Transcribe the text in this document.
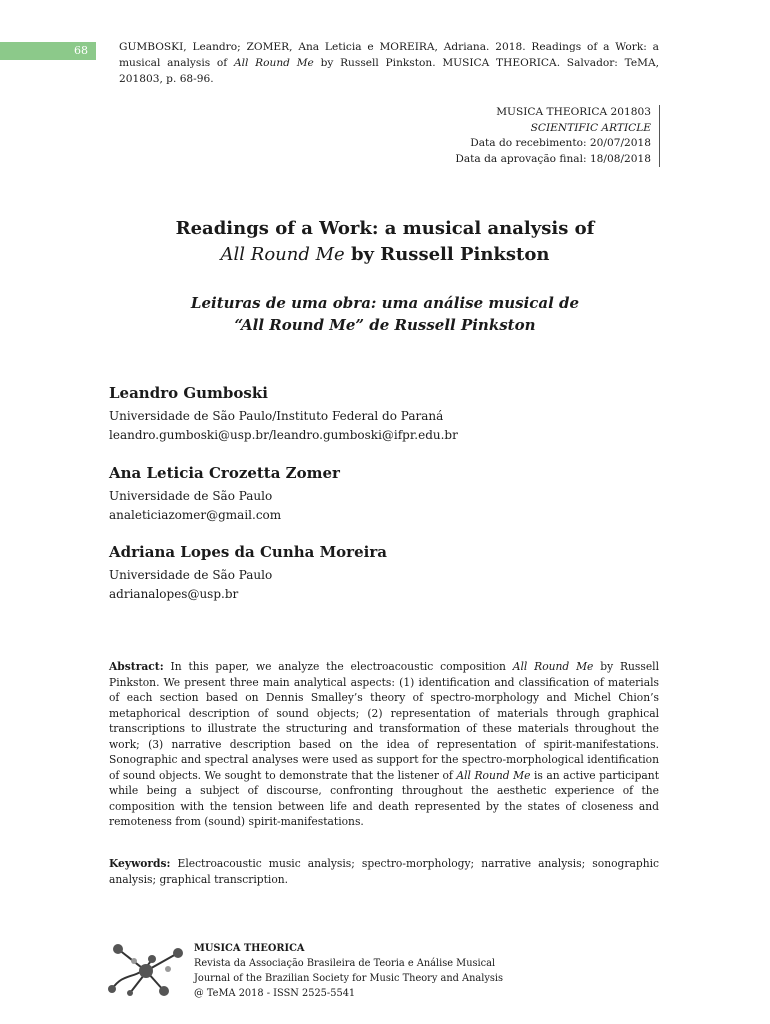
68	GUMBOSKI, Leandro; ZOMER, Ana Leticia e MOREIRA, Adriana. 2018. Readings of a Work: a musical analysis of All Round Me by Russell Pinkston. MUSICA THEORICA. Salvador: TeMA, 201803, p. 68-96.
MUSICA THEORICA 201803
SCIENTIFIC ARTICLE
Data do recebimento: 20/07/2018
Data da aprovação final: 18/08/2018
Readings of a Work: a musical analysis of
All Round Me by Russell Pinkston
Leituras de uma obra: uma análise musical de
“All Round Me” de Russell Pinkston
Leandro Gumboski
Universidade de São Paulo/Instituto Federal do Paraná
leandro.gumboski@usp.br/leandro.gumboski@ifpr.edu.br
Ana Leticia Crozetta Zomer
Universidade de São Paulo
analeticiazomer@gmail.com
Adriana Lopes da Cunha Moreira
Universidade de São Paulo
adrianalopes@usp.br
Abstract: In this paper, we analyze the electroacoustic composition All Round Me by Russell Pinkston. We present three main analytical aspects: (1) identification and classification of materials of each section based on Dennis Smalley’s theory of spectro-morphology and Michel Chion’s metaphorical description of sound objects; (2) representation of materials through graphical transcriptions to illustrate the structuring and transformation of these materials throughout the work; (3) narrative description based on the idea of representation of spirit-manifestations. Sonographic and spectral analyses were used as support for the spectro-morphological identification of sound objects. We sought to demonstrate that the listener of All Round Me is an active participant while being a subject of discourse, confronting throughout the aesthetic experience of the composition with the tension between life and death represented by the states of closeness and remoteness from (sound) spirit-manifestations.
Keywords: Electroacoustic music analysis; spectro-morphology; narrative analysis; sonographic analysis; graphical transcription.
MUSICA THEORICA
Revista da Associação Brasileira de Teoria e Análise Musical
Journal of the Brazilian Society for Music Theory and Analysis
@ TeMA 2018 - ISSN 2525-5541
